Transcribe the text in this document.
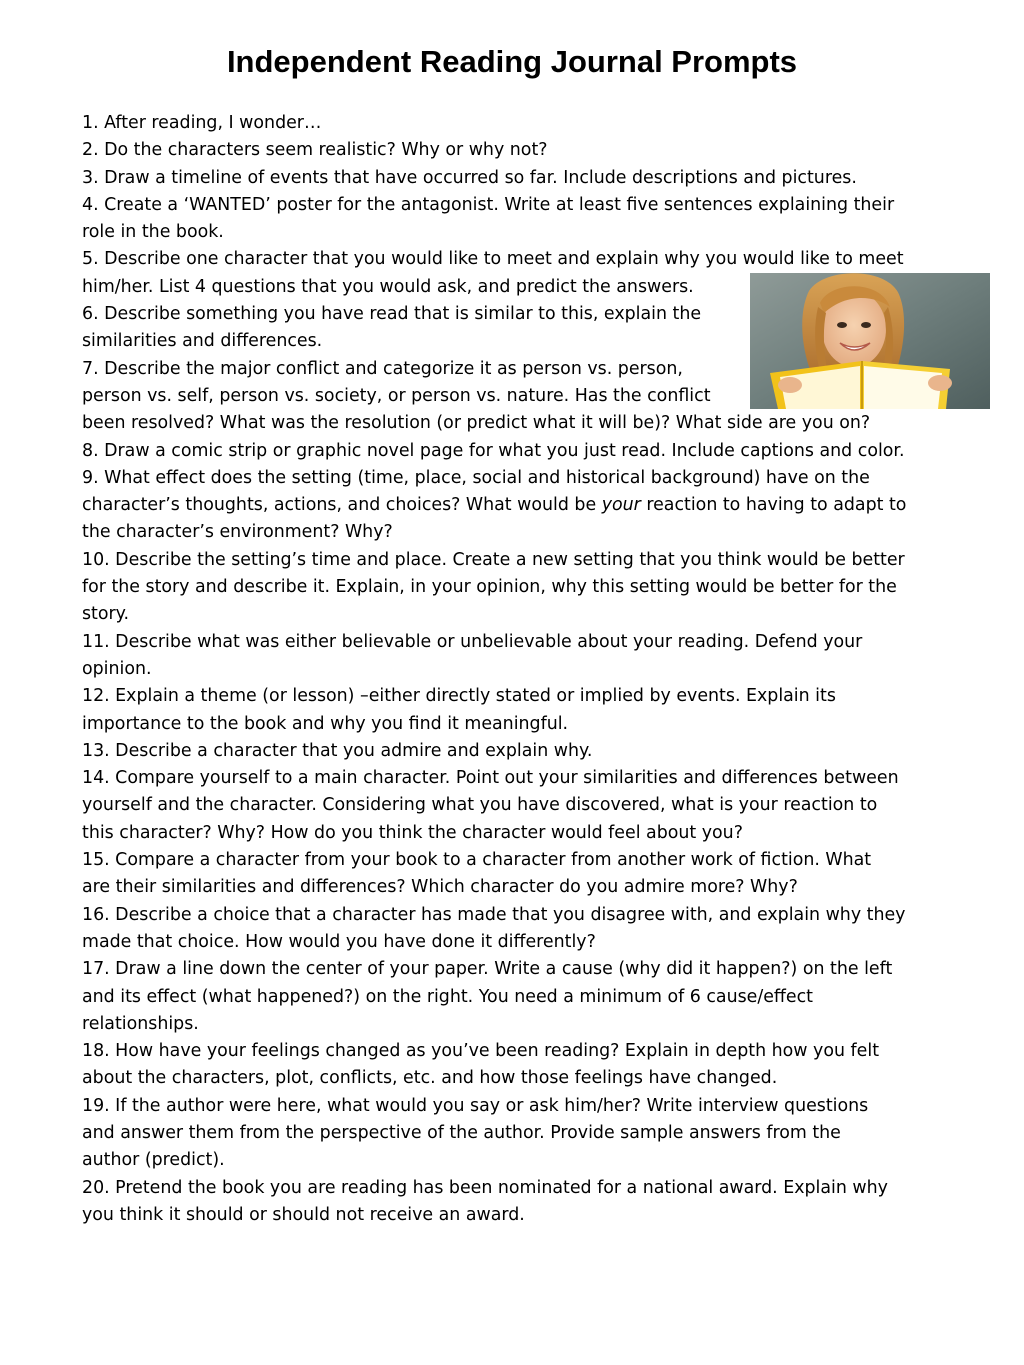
Independent Reading Journal Prompts
1. After reading, I wonder…
2. Do the characters seem realistic? Why or why not?
3. Draw a timeline of events that have occurred so far. Include descriptions and pictures.
4. Create a ‘WANTED’ poster for the antagonist. Write at least five sentences explaining their
role in the book.
5. Describe one character that you would like to meet and explain why you would like to meet
him/her. List 4 questions that you would ask, and predict the answers.
6. Describe something you have read that is similar to this, explain the
similarities and differences.
7. Describe the major conflict and categorize it as person vs. person,
person vs. self, person vs. society, or person vs. nature. Has the conflict
been resolved? What was the resolution (or predict what it will be)? What side are you on?
8. Draw a comic strip or graphic novel page for what you just read. Include captions and color.
9. What effect does the setting (time, place, social and historical background) have on the
character’s thoughts, actions, and choices? What would be your reaction to having to adapt to
the character’s environment? Why?
10. Describe the setting’s time and place. Create a new setting that you think would be better
for the story and describe it. Explain, in your opinion, why this setting would be better for the
story.
11. Describe what was either believable or unbelievable about your reading. Defend your
opinion.
12. Explain a theme (or lesson) –either directly stated or implied by events. Explain its
importance to the book and why you find it meaningful.
13. Describe a character that you admire and explain why.
14. Compare yourself to a main character. Point out your similarities and differences between
yourself and the character. Considering what you have discovered, what is your reaction to
this character? Why? How do you think the character would feel about you?
15. Compare a character from your book to a character from another work of fiction. What
are their similarities and differences? Which character do you admire more? Why?
16. Describe a choice that a character has made that you disagree with, and explain why they
made that choice. How would you have done it differently?
17. Draw a line down the center of your paper. Write a cause (why did it happen?) on the left
and its effect (what happened?) on the right. You need a minimum of 6 cause/effect
relationships.
18. How have your feelings changed as you’ve been reading? Explain in depth how you felt
about the characters, plot, conflicts, etc. and how those feelings have changed.
19. If the author were here, what would you say or ask him/her? Write interview questions
and answer them from the perspective of the author. Provide sample answers from the
author (predict).
20. Pretend the book you are reading has been nominated for a national award. Explain why
you think it should or should not receive an award.
